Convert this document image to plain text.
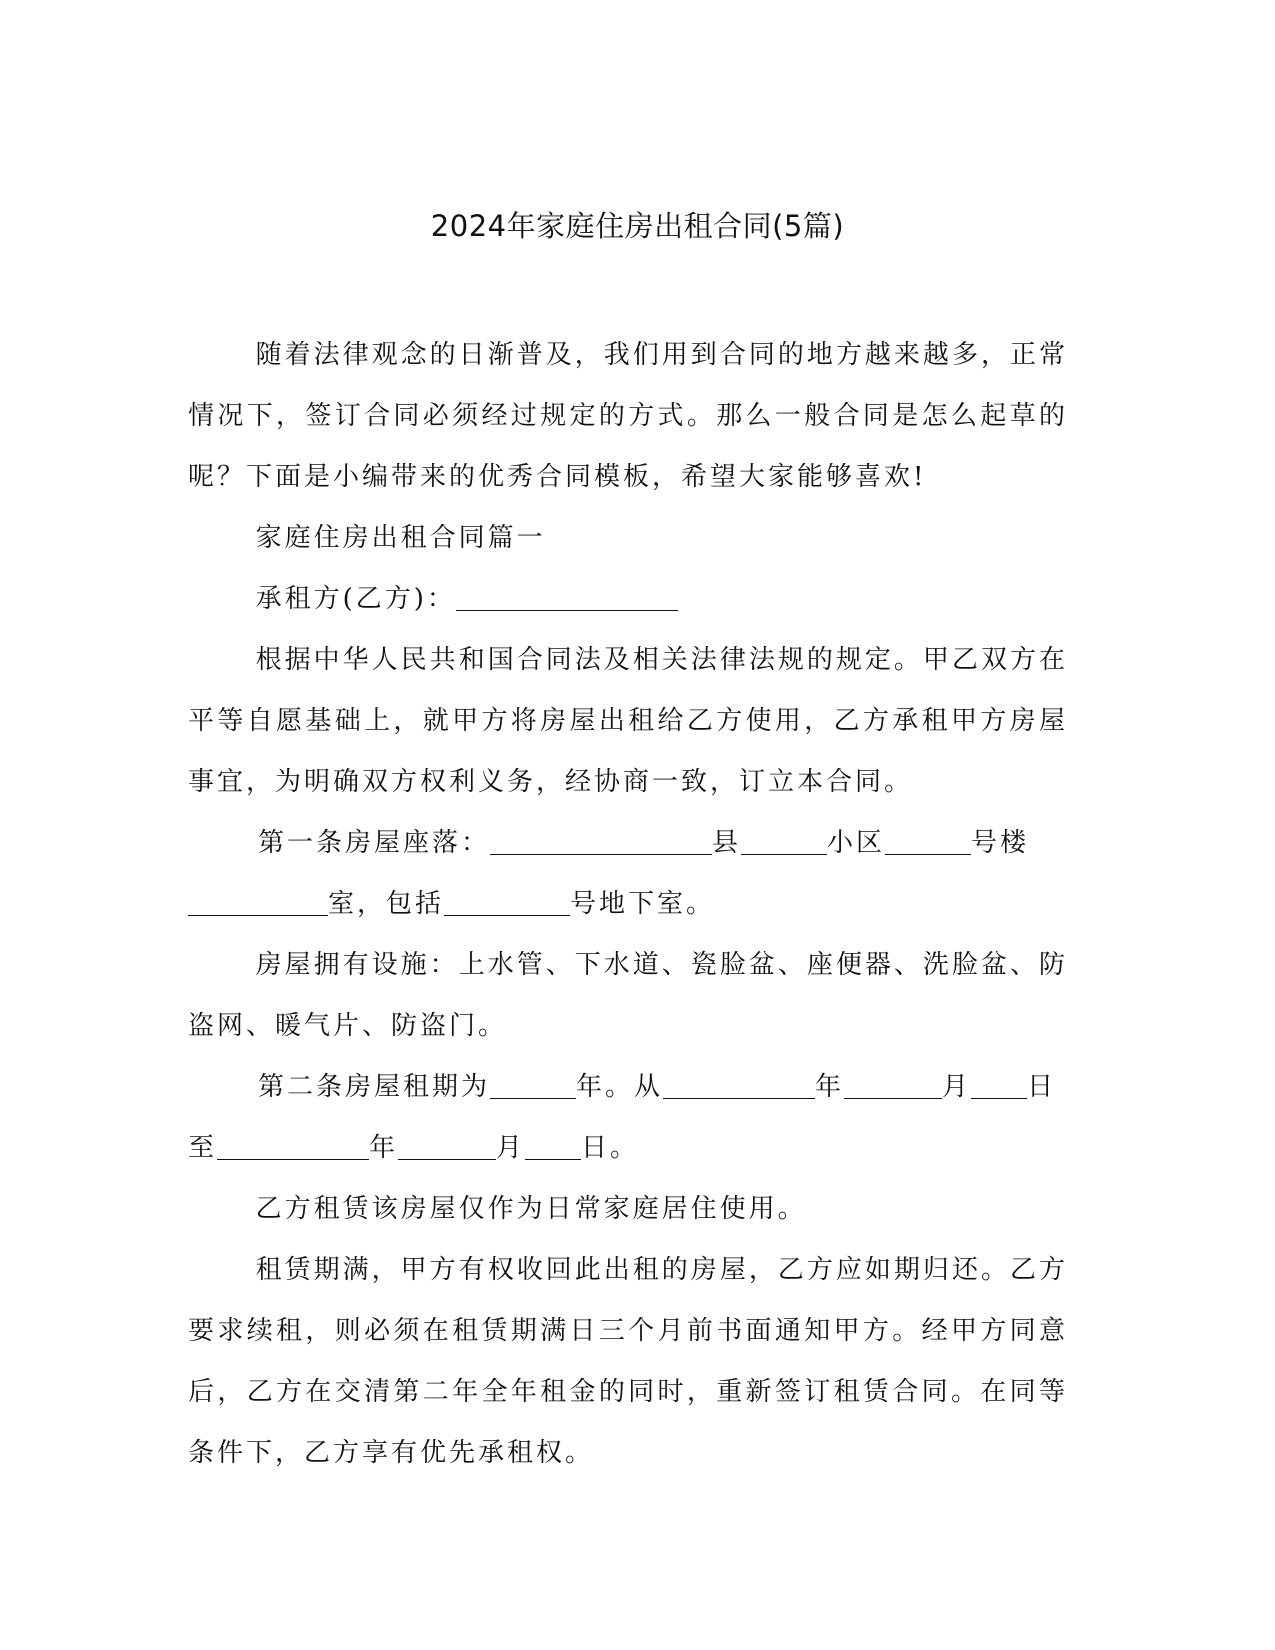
2024年家庭住房出租合同(5篇)

随着法律观念的日渐普及，我们用到合同的地方越来越多，正常情况下，签订合同必须经过规定的方式。那么一般合同是怎么起草的呢？下面是小编带来的优秀合同模板，希望大家能够喜欢!

家庭住房出租合同篇一

承租方(乙方)：

根据中华人民共和国合同法及相关法律法规的规定。甲乙双方在平等自愿基础上，就甲方将房屋出租给乙方使用，乙方承租甲方房屋事宜，为明确双方权利义务，经协商一致，订立本合同。

第一条房屋座落：	县	小区	号楼
室，包括	号地下室。

房屋拥有设施：上水管、下水道、瓷脸盆、座便器、洗脸盆、防盗网、暖气片、防盗门。

第二条房屋租期为	年。从	年	月 日
至	年	月 日。

乙方租赁该房屋仅作为日常家庭居住使用。

租赁期满，甲方有权收回此出租的房屋，乙方应如期归还。乙方要求续租，则必须在租赁期满日三个月前书面通知甲方。经甲方同意后，乙方在交清第二年全年租金的同时，重新签订租赁合同。在同等条件下，乙方享有优先承租权。
